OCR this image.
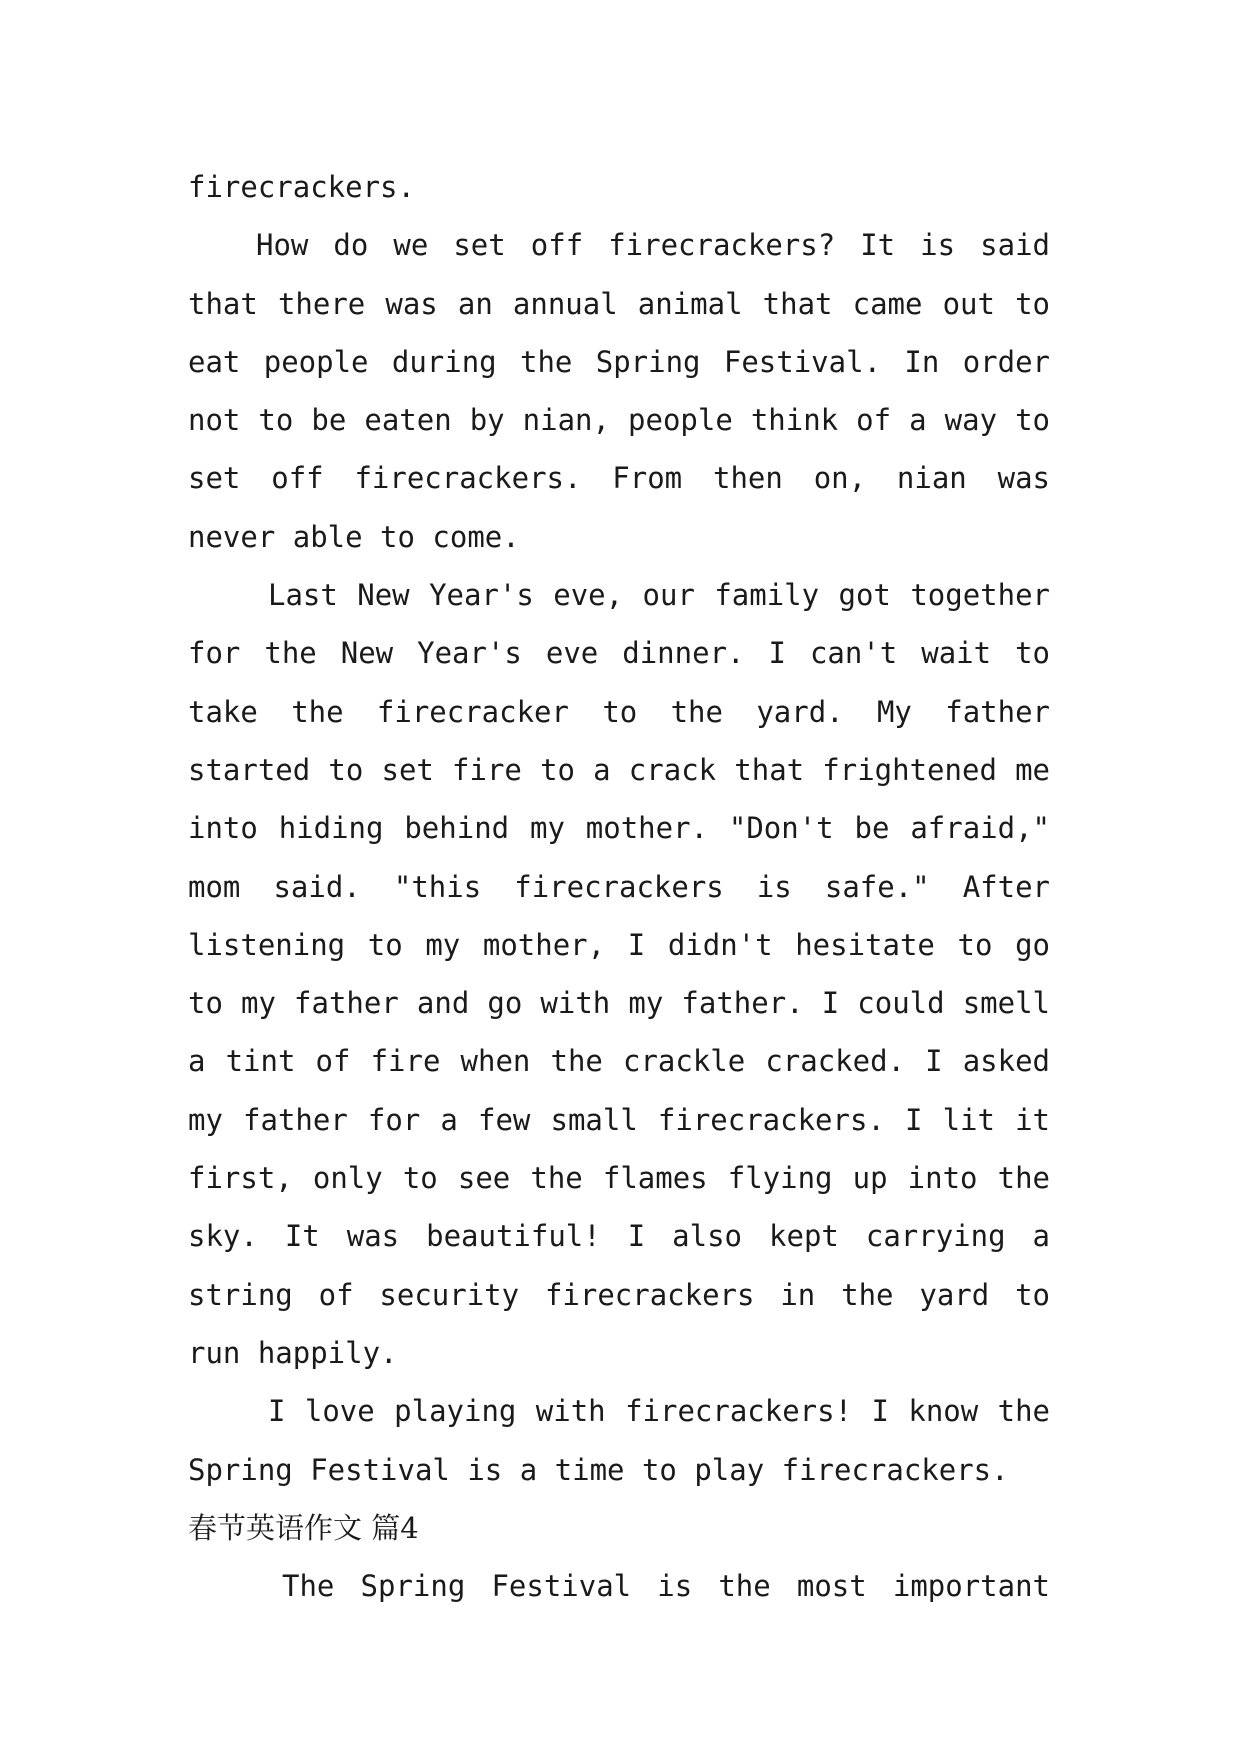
firecrackers.

How do we set off firecrackers? It is said that there was an annual animal that came out to eat people during the Spring Festival. In order not to be eaten by nian, people think of a way to set off firecrackers. From then on, nian was never able to come.

Last New Year's eve, our family got together for the New Year's eve dinner. I can't wait to take the firecracker to the yard. My father started to set fire to a crack that frightened me into hiding behind my mother. "Don't be afraid," mom said. "this firecrackers is safe." After listening to my mother, I didn't hesitate to go to my father and go with my father. I could smell a tint of fire when the crackle cracked. I asked my father for a few small firecrackers. I lit it first, only to see the flames flying up into the sky. It was beautiful! I also kept carrying a string of security firecrackers in the yard to run happily.

I love playing with firecrackers! I know the Spring Festival is a time to play firecrackers.

春节英语作文 篇4

The Spring Festival is the most important
